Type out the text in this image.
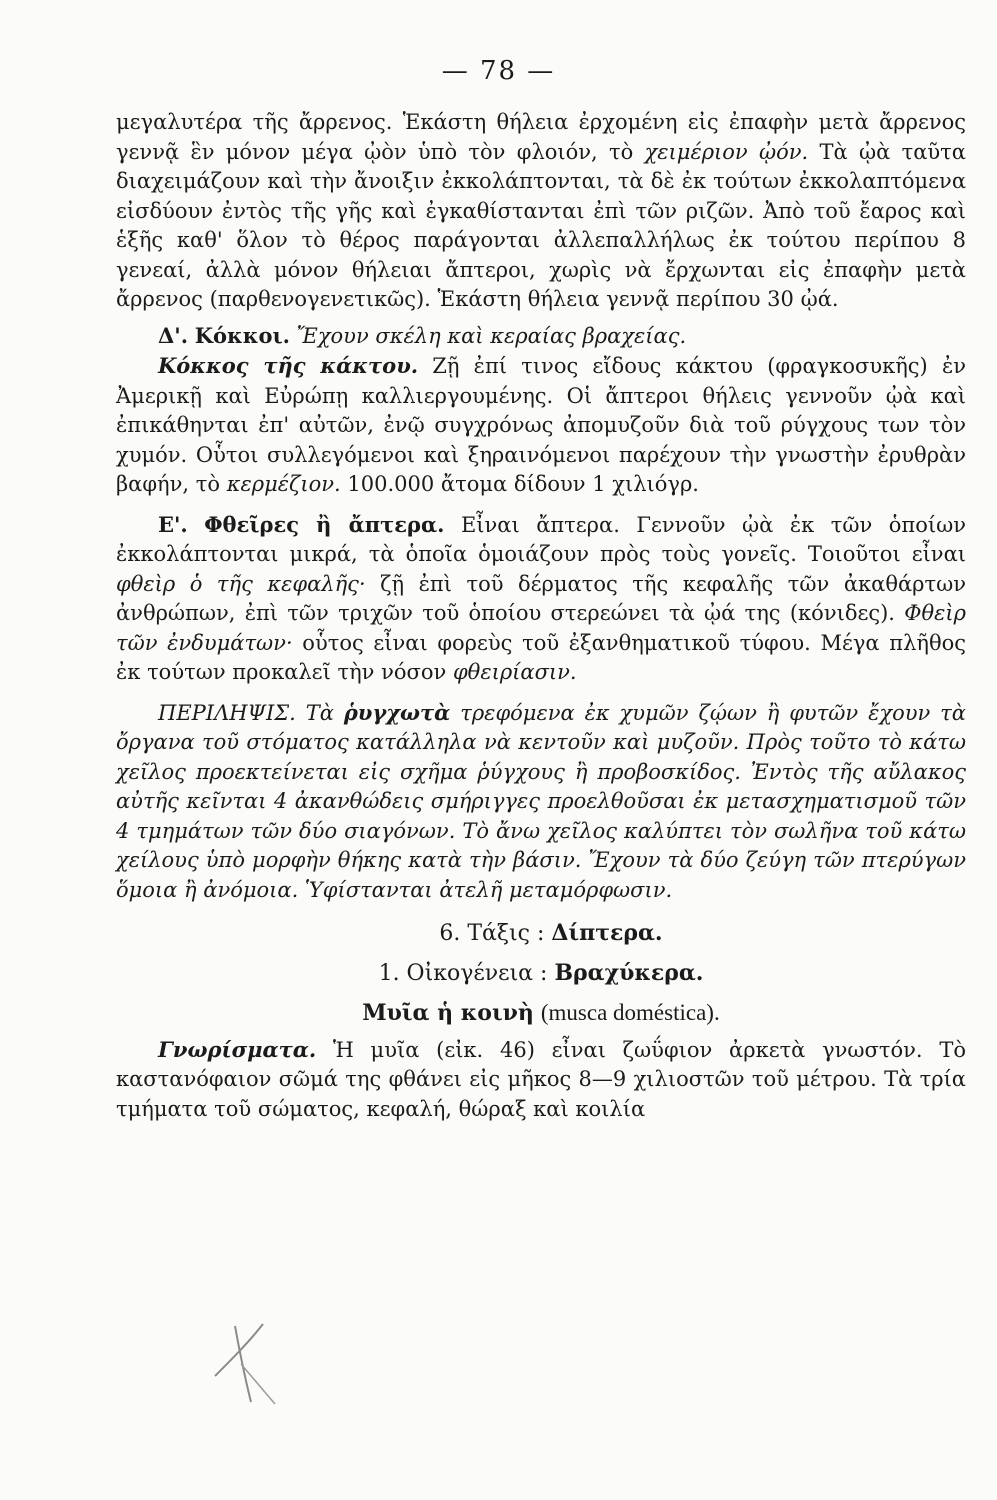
— 78 —

μεγαλυτέρα τῆς ἄρρενος. Ἑκάστη θήλεια ἐρχομένη εἰς ἐπαφὴν μετὰ ἄρρενος γεννᾷ ἓν μόνον μέγα ᾠὸν ὑπὸ τὸν φλοιόν, τὸ χειμέριον ᾠόν. Τὰ ᾠὰ ταῦτα διαχειμάζουν καὶ τὴν ἄνοιξιν ἐκκολάπτονται, τὰ δὲ ἐκ τούτων ἐκκολαπτόμενα εἰσδύουν ἐντὸς τῆς γῆς καὶ ἐγκαθίστανται ἐπὶ τῶν ριζῶν. Ἀπὸ τοῦ ἔαρος καὶ ἑξῆς καθ' ὅλον τὸ θέρος παράγονται ἀλλεπαλλήλως ἐκ τούτου περίπου 8 γενεαί, ἀλλὰ μόνον θήλειαι ἄπτεροι, χωρὶς νὰ ἔρχωνται εἰς ἐπαφὴν μετὰ ἄρρενος (παρθενογενετικῶς). Ἑκάστη θήλεια γεννᾷ περίπου 30 ᾠά.

Δ'. Κόκκοι. Ἔχουν σκέλη καὶ κεραίας βραχείας.

Κόκκος τῆς κάκτου. Ζῇ ἐπί τινος εἴδους κάκτου (φραγκοσυκῆς) ἐν Ἀμερικῇ καὶ Εὐρώπῃ καλλιεργουμένης. Οἱ ἄπτεροι θήλεις γεννοῦν ᾠὰ καὶ ἐπικάθηνται ἐπ' αὐτῶν, ἐνῷ συγχρόνως ἀπομυζοῦν διὰ τοῦ ρύγχους των τὸν χυμόν. Οὗτοι συλλεγόμενοι καὶ ξηραινόμενοι παρέχουν τὴν γνωστὴν ἐρυθρὰν βαφήν, τὸ κερμέζιον. 100.000 ἄτομα δίδουν 1 χιλιόγρ.

Ε'. Φθεῖρες ἢ ἄπτερα. Εἶναι ἄπτερα. Γεννοῦν ᾠὰ ἐκ τῶν ὁποίων ἐκκολάπτονται μικρά, τὰ ὁποῖα ὁμοιάζουν πρὸς τοὺς γονεῖς. Τοιοῦτοι εἶναι φθεὶρ ὁ τῆς κεφαλῆς· ζῇ ἐπὶ τοῦ δέρματος τῆς κεφαλῆς τῶν ἀκαθάρτων ἀνθρώπων, ἐπὶ τῶν τριχῶν τοῦ ὁποίου στερεώνει τὰ ᾠά της (κόνιδες). Φθεὶρ τῶν ἐνδυμάτων· οὗτος εἶναι φορεὺς τοῦ ἐξανθηματικοῦ τύφου. Μέγα πλῆθος ἐκ τούτων προκαλεῖ τὴν νόσον φθειρίασιν.

ΠΕΡΙΛΗΨΙΣ. Τὰ ῥυγχωτὰ τρεφόμενα ἐκ χυμῶν ζῴων ἢ φυτῶν ἔχουν τὰ ὄργανα τοῦ στόματος κατάλληλα νὰ κεντοῦν καὶ μυζοῦν. Πρὸς τοῦτο τὸ κάτω χεῖλος προεκτείνεται εἰς σχῆμα ῥύγχους ἢ προβοσκίδος. Ἐντὸς τῆς αὔλακος αὐτῆς κεῖνται 4 ἀκανθώδεις σμήριγγες προελθοῦσαι ἐκ μετασχηματισμοῦ τῶν 4 τμημάτων τῶν δύο σιαγόνων. Τὸ ἄνω χεῖλος καλύπτει τὸν σωλῆνα τοῦ κάτω χείλους ὑπὸ μορφὴν θήκης κατὰ τὴν βάσιν. Ἔχουν τὰ δύο ζεύγη τῶν πτερύγων ὅμοια ἢ ἀνόμοια. Ὑφίστανται ἀτελῆ μεταμόρφωσιν.

6. Τάξις : Δίπτερα.

1. Οἰκογένεια : Βραχύκερα.

Μυῖα ἡ κοινὴ (musca doméstica).

Γνωρίσματα. Ἡ μυῖα (εἰκ. 46) εἶναι ζωΰφιον ἀρκετὰ γνωστόν. Τὸ καστανόφαιον σῶμά της φθάνει εἰς μῆκος 8—9 χιλιοστῶν τοῦ μέτρου. Τὰ τρία τμήματα τοῦ σώματος, κεφαλή, θώραξ καὶ κοιλία
